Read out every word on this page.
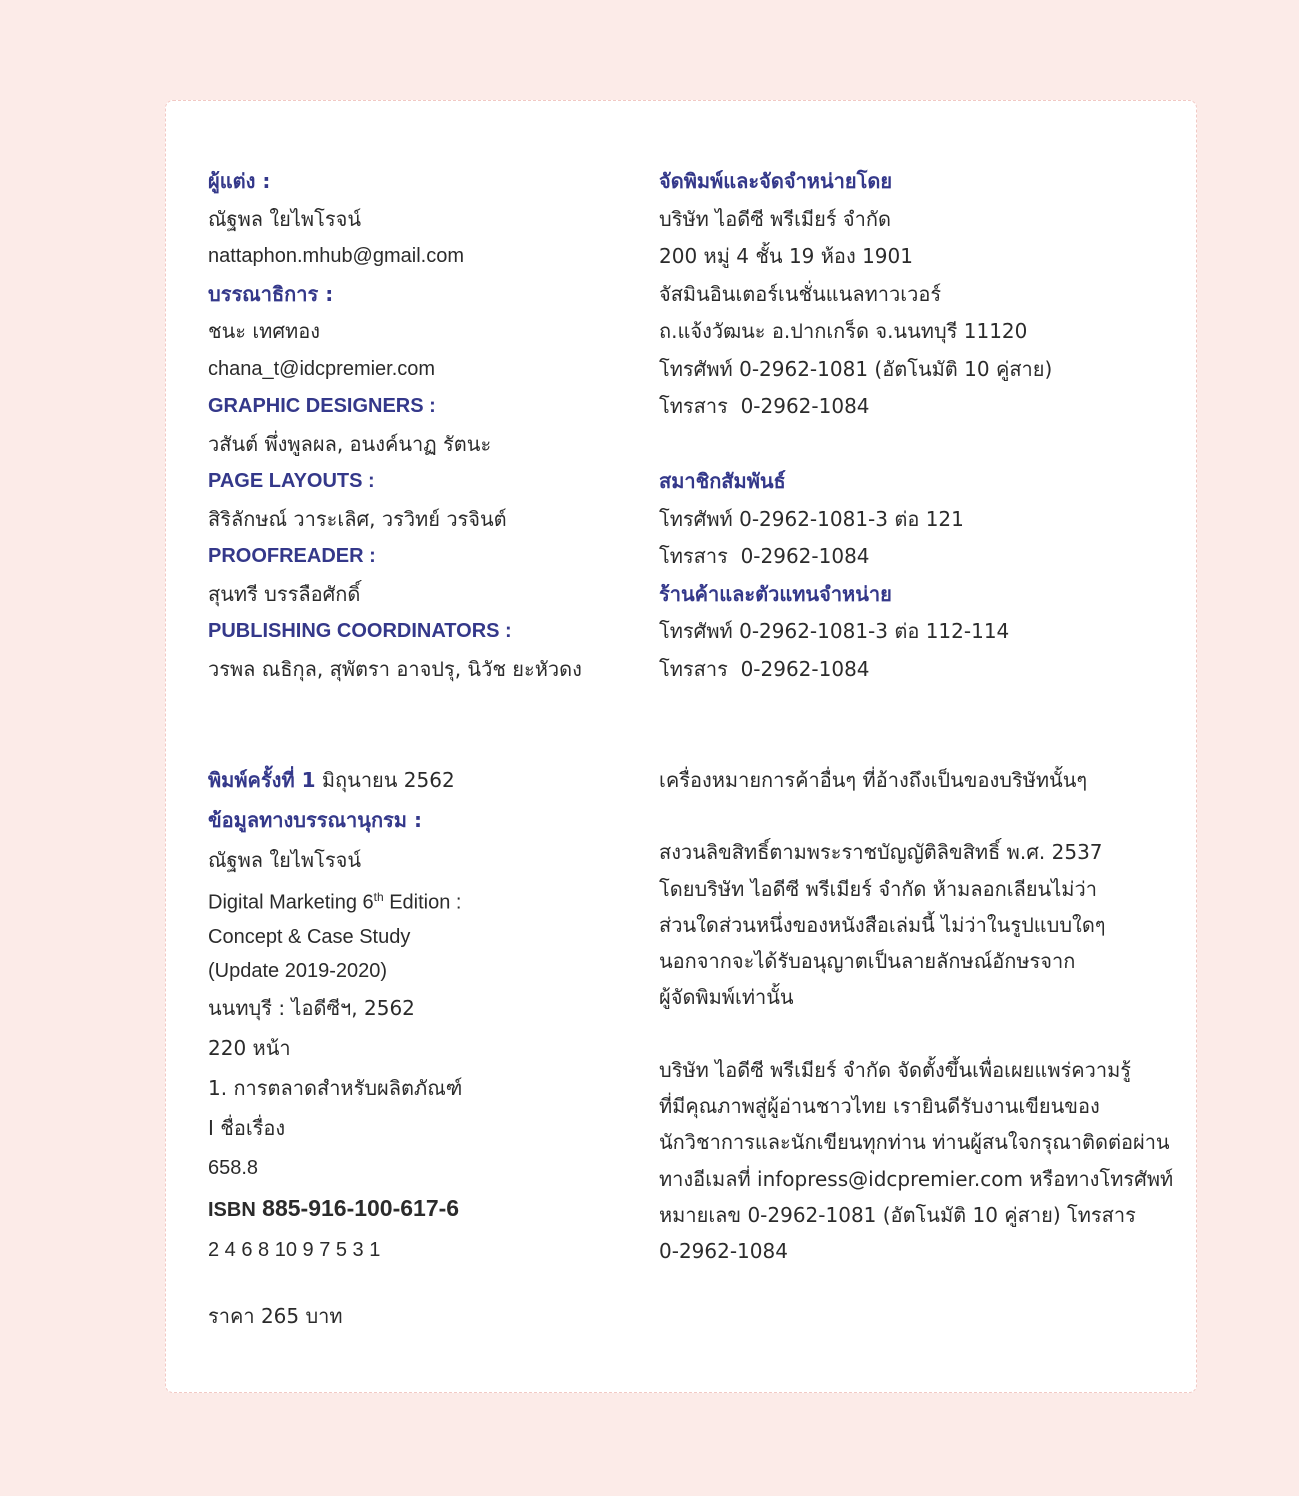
ผู้แต่ง :
ณัฐพล ใยไพโรจน์
nattaphon.mhub@gmail.com
บรรณาธิการ :
ชนะ เทศทอง
chana_t@idcpremier.com
GRAPHIC DESIGNERS :
วสันต์ พึ่งพูลผล, อนงค์นาฏ รัตนะ
PAGE LAYOUTS :
สิริลักษณ์ วาระเลิศ, วรวิทย์ วรจินต์
PROOFREADER :
สุนทรี บรรลือศักดิ์
PUBLISHING COORDINATORS :
วรพล ณธิกุล, สุพัตรา อาจปรุ, นิวัช ยะหัวดง
จัดพิมพ์และจัดจำหน่ายโดย
บริษัท ไอดีซี พรีเมียร์ จำกัด
200 หมู่ 4 ชั้น 19 ห้อง 1901
จัสมินอินเตอร์เนชั่นแนลทาวเวอร์
ถ.แจ้งวัฒนะ อ.ปากเกร็ด จ.นนทบุรี 11120
โทรศัพท์ 0-2962-1081 (อัตโนมัติ 10 คู่สาย)
โทรสาร  0-2962-1084
สมาชิกสัมพันธ์
โทรศัพท์ 0-2962-1081-3 ต่อ 121
โทรสาร  0-2962-1084
ร้านค้าและตัวแทนจำหน่าย
โทรศัพท์ 0-2962-1081-3 ต่อ 112-114
โทรสาร  0-2962-1084
พิมพ์ครั้งที่ 1 มิถุนายน 2562
ข้อมูลทางบรรณานุกรม :
ณัฐพล ใยไพโรจน์
Digital Marketing 6th Edition :
Concept & Case Study
(Update 2019-2020)
นนทบุรี : ไอดีซีฯ, 2562
220 หน้า
1. การตลาดสำหรับผลิตภัณฑ์
I ชื่อเรื่อง
658.8
ISBN 885-916-100-617-6
2 4 6 8 10 9 7 5 3 1
ราคา 265 บาท
เครื่องหมายการค้าอื่นๆ ที่อ้างถึงเป็นของบริษัทนั้นๆ
สงวนลิขสิทธิ์ตามพระราชบัญญัติลิขสิทธิ์ พ.ศ. 2537
โดยบริษัท ไอดีซี พรีเมียร์ จำกัด ห้ามลอกเลียนไม่ว่า
ส่วนใดส่วนหนึ่งของหนังสือเล่มนี้ ไม่ว่าในรูปแบบใดๆ
นอกจากจะได้รับอนุญาตเป็นลายลักษณ์อักษรจาก
ผู้จัดพิมพ์เท่านั้น
บริษัท ไอดีซี พรีเมียร์ จำกัด จัดตั้งขึ้นเพื่อเผยแพร่ความรู้
ที่มีคุณภาพสู่ผู้อ่านชาวไทย เรายินดีรับงานเขียนของ
นักวิชาการและนักเขียนทุกท่าน ท่านผู้สนใจกรุณาติดต่อผ่าน
ทางอีเมลที่ infopress@idcpremier.com หรือทางโทรศัพท์
หมายเลข 0-2962-1081 (อัตโนมัติ 10 คู่สาย) โทรสาร
0-2962-1084
